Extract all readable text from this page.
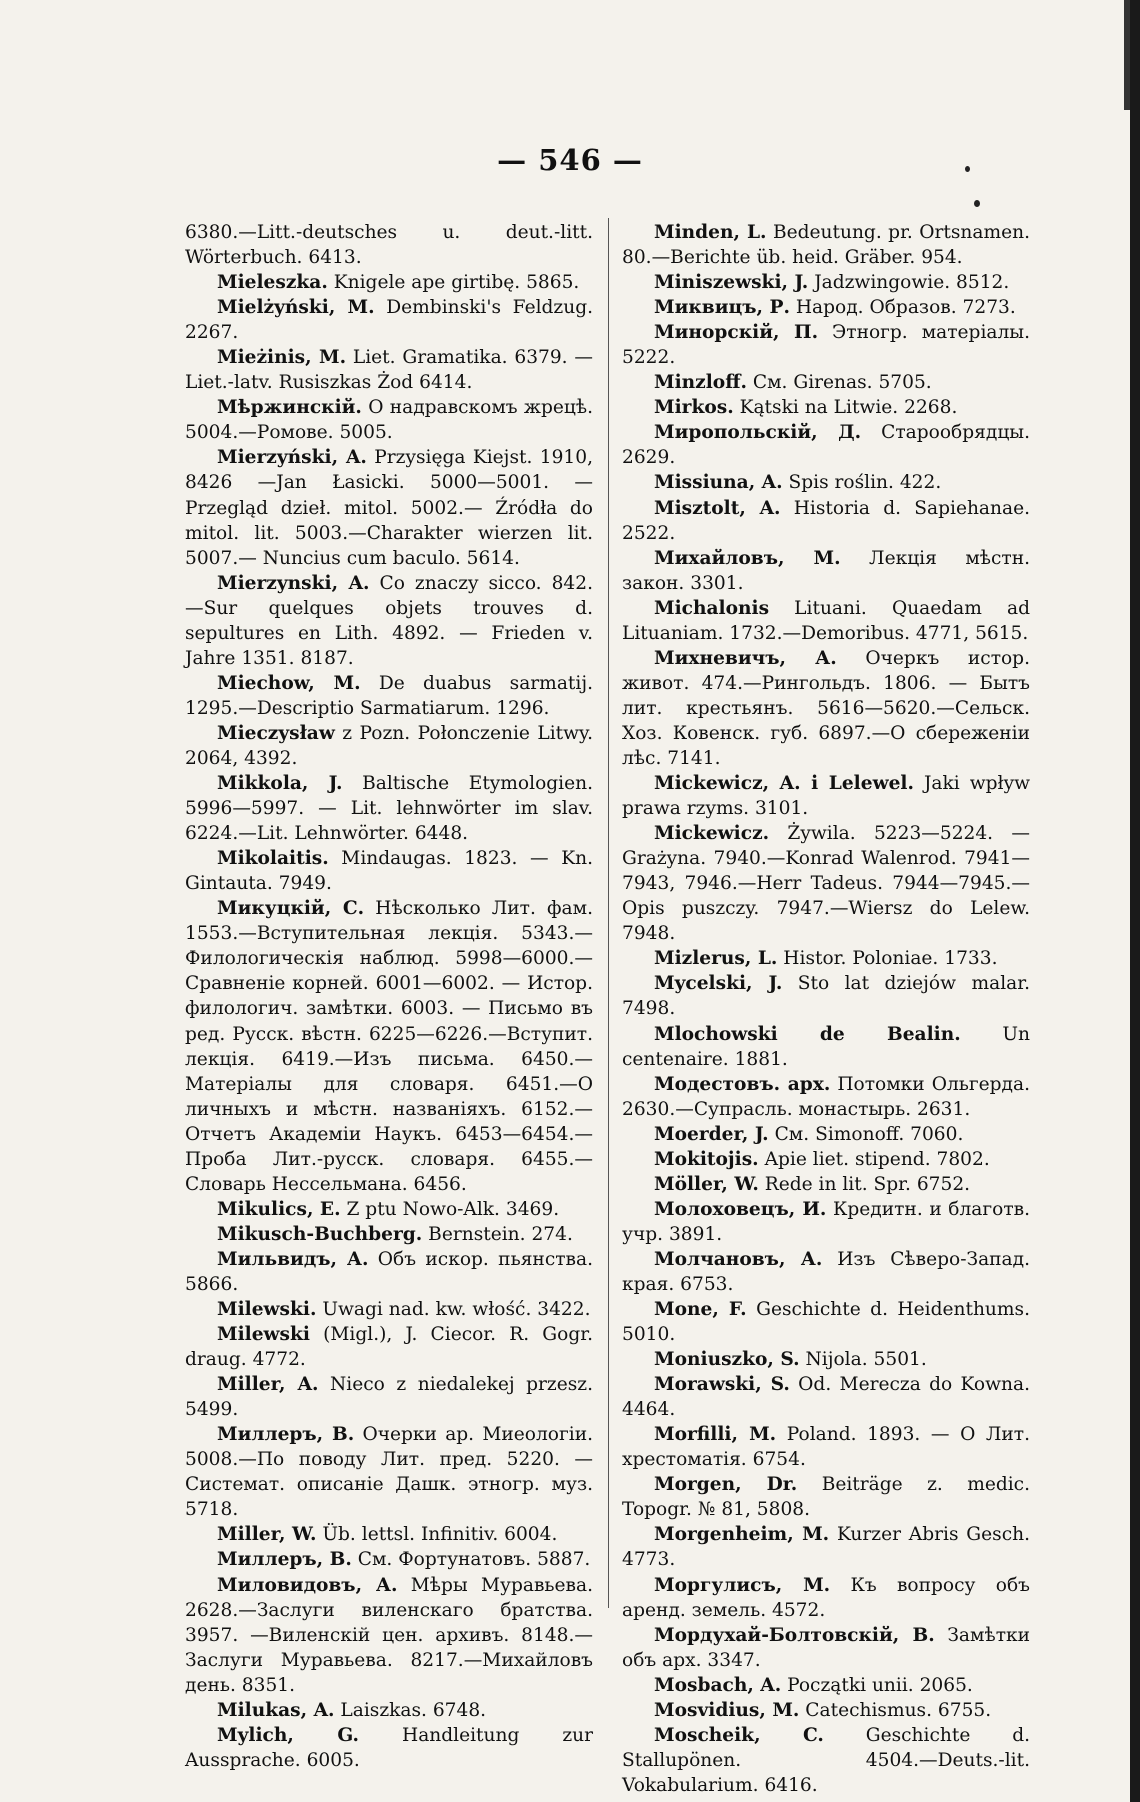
— 546 —

6380.—Litt.-deutsches u. deut.-litt. Wörterbuch. 6413.

Mieleszka. Knigele ape girtibę. 5865.

Mielżyński, M. Dembinski's Feldzug. 2267.

Mieżinis, M. Liet. Gramatika. 6379. —Liet.-latv. Rusiszkas Żod 6414.

Мѣржинскій. О надравскомъ жрецѣ. 5004.—Ромове. 5005.

Mierzyński, A. Przysięga Kiejst. 1910, 8426 —Jan Łasicki. 5000—5001. — Przegląd dzieł. mitol. 5002.— Źródła do mitol. lit. 5003.—Charakter wierzen lit. 5007.— Nuncius cum baculo. 5614.

Mierzynski, A. Co znaczy sicco. 842. —Sur quelques objets trouves d. sepultures en Lith. 4892. — Frieden v. Jahre 1351. 8187.

Miechow, M. De duabus sarmatij. 1295.—Descriptio Sarmatiarum. 1296.

Mieczysław z Pozn. Połonczenie Litwy. 2064, 4392.

Mikkola, J. Baltische Etymologien. 5996—5997. — Lit. lehnwörter im slav. 6224.—Lit. Lehnwörter. 6448.

Mikolaitis. Mindaugas. 1823. — Kn. Gintauta. 7949.

Микуцкій, С. Нѣсколько Лит. фам. 1553.—Вступительная лекція. 5343.—Филологическія наблюд. 5998—6000.—Сравненіе корней. 6001—6002. — Истор. филологич. замѣтки. 6003. — Письмо въ ред. Русск. вѣстн. 6225—6226.—Вступит. лекція. 6419.—Изъ письма. 6450.—Матеріалы для словаря. 6451.—О личныхъ и мѣстн. названіяхъ. 6152.—Отчетъ Академіи Наукъ. 6453—6454.— Проба Лит.-русск. словаря. 6455.—Словарь Нессельмана. 6456.

Mikulics, E. Z ptu Nowo-Alk. 3469.

Mikusch-Buchberg. Bernstein. 274.

Мильвидъ, А. Объ искор. пьянства. 5866.

Milewski. Uwagi nad. kw. włość. 3422.

Milewski (Migl.), J. Ciecor. R. Gogr. draug. 4772.

Miller, A. Nieco z niedalekej przesz. 5499.

Миллеръ, В. Очерки ар. Миеологіи. 5008.—По поводу Лит. пред. 5220. — Системат. описаніе Дашк. этногр. муз. 5718.

Miller, W. Üb. lettsl. Infinitiv. 6004.

Миллеръ, В. См. Фортунатовъ. 5887.

Миловидовъ, А. Мѣры Муравьева. 2628.—Заслуги виленскаго братства. 3957. —Виленскій цен. архивъ. 8148.— Заслуги Муравьева. 8217.—Михайловъ день. 8351.

Milukas, A. Laiszkas. 6748.

Mylich, G. Handleitung zur Aussprache. 6005.

Minden, L. Bedeutung. pr. Ortsnamen. 80.—Berichte üb. heid. Gräber. 954.

Miniszewski, J. Jadzwingowie. 8512.

Миквицъ, Р. Народ. Образов. 7273.

Минорскій, П. Этногр. матеріалы. 5222.

Minzloff. См. Girenas. 5705.

Mirkos. Kątski na Litwie. 2268.

Миропольскій, Д. Старообрядцы. 2629.

Missiuna, A. Spis roślin. 422.

Misztolt, A. Historia d. Sapiehanae. 2522.

Михайловъ, М. Лекція мѣстн. закон. 3301.

Michalonis Lituani. Quaedam ad Lituaniam. 1732.—Demoribus. 4771, 5615.

Михневичъ, А. Очеркъ истор. живот. 474.—Рингольдъ. 1806. — Бытъ лит. крестьянъ. 5616—5620.—Сельск. Хоз. Ковенск. губ. 6897.—О сбереженіи лѣс. 7141.

Mickewicz, A. i Lelewel. Jaki wpływ prawa rzyms. 3101.

Mickewicz. Żywila. 5223—5224. — Grażyna. 7940.—Konrad Walenrod. 7941—7943, 7946.—Herr Tadeus. 7944—7945.— Opis puszczy. 7947.—Wiersz do Lelew. 7948.

Mizlerus, L. Histor. Poloniae. 1733.

Mycelski, J. Sto lat dziejów malar. 7498.

Mlochowski de Bealin. Un centenaire. 1881.

Модестовъ. арх. Потомки Ольгерда. 2630.—Супрасль. монастырь. 2631.

Moerder, J. См. Simonoff. 7060.

Mokitojis. Apie liet. stipend. 7802.

Möller, W. Rede in lit. Spr. 6752.

Молоховецъ, И. Кредитн. и благотв. учр. 3891.

Молчановъ, А. Изъ Сѣверо-Запад. края. 6753.

Mone, F. Geschichte d. Heidenthums. 5010.

Moniuszko, S. Nijola. 5501.

Morawski, S. Od. Merecza do Kowna. 4464.

Morfilli, M. Poland. 1893. — О Лит. хрестоматія. 6754.

Morgen, Dr. Beiträge z. medic. Topogr. № 81, 5808.

Morgenheim, M. Kurzer Abris Gesch. 4773.

Моргулисъ, М. Къ вопросу объ аренд. земель. 4572.

Мордухай-Болтовскій, В. Замѣтки объ арх. 3347.

Mosbach, A. Początki unii. 2065.

Mosvidius, M. Catechismus. 6755.

Moscheik, C. Geschichte d. Stallupönen. 4504.—Deuts.-lit. Vokabularium. 6416.
